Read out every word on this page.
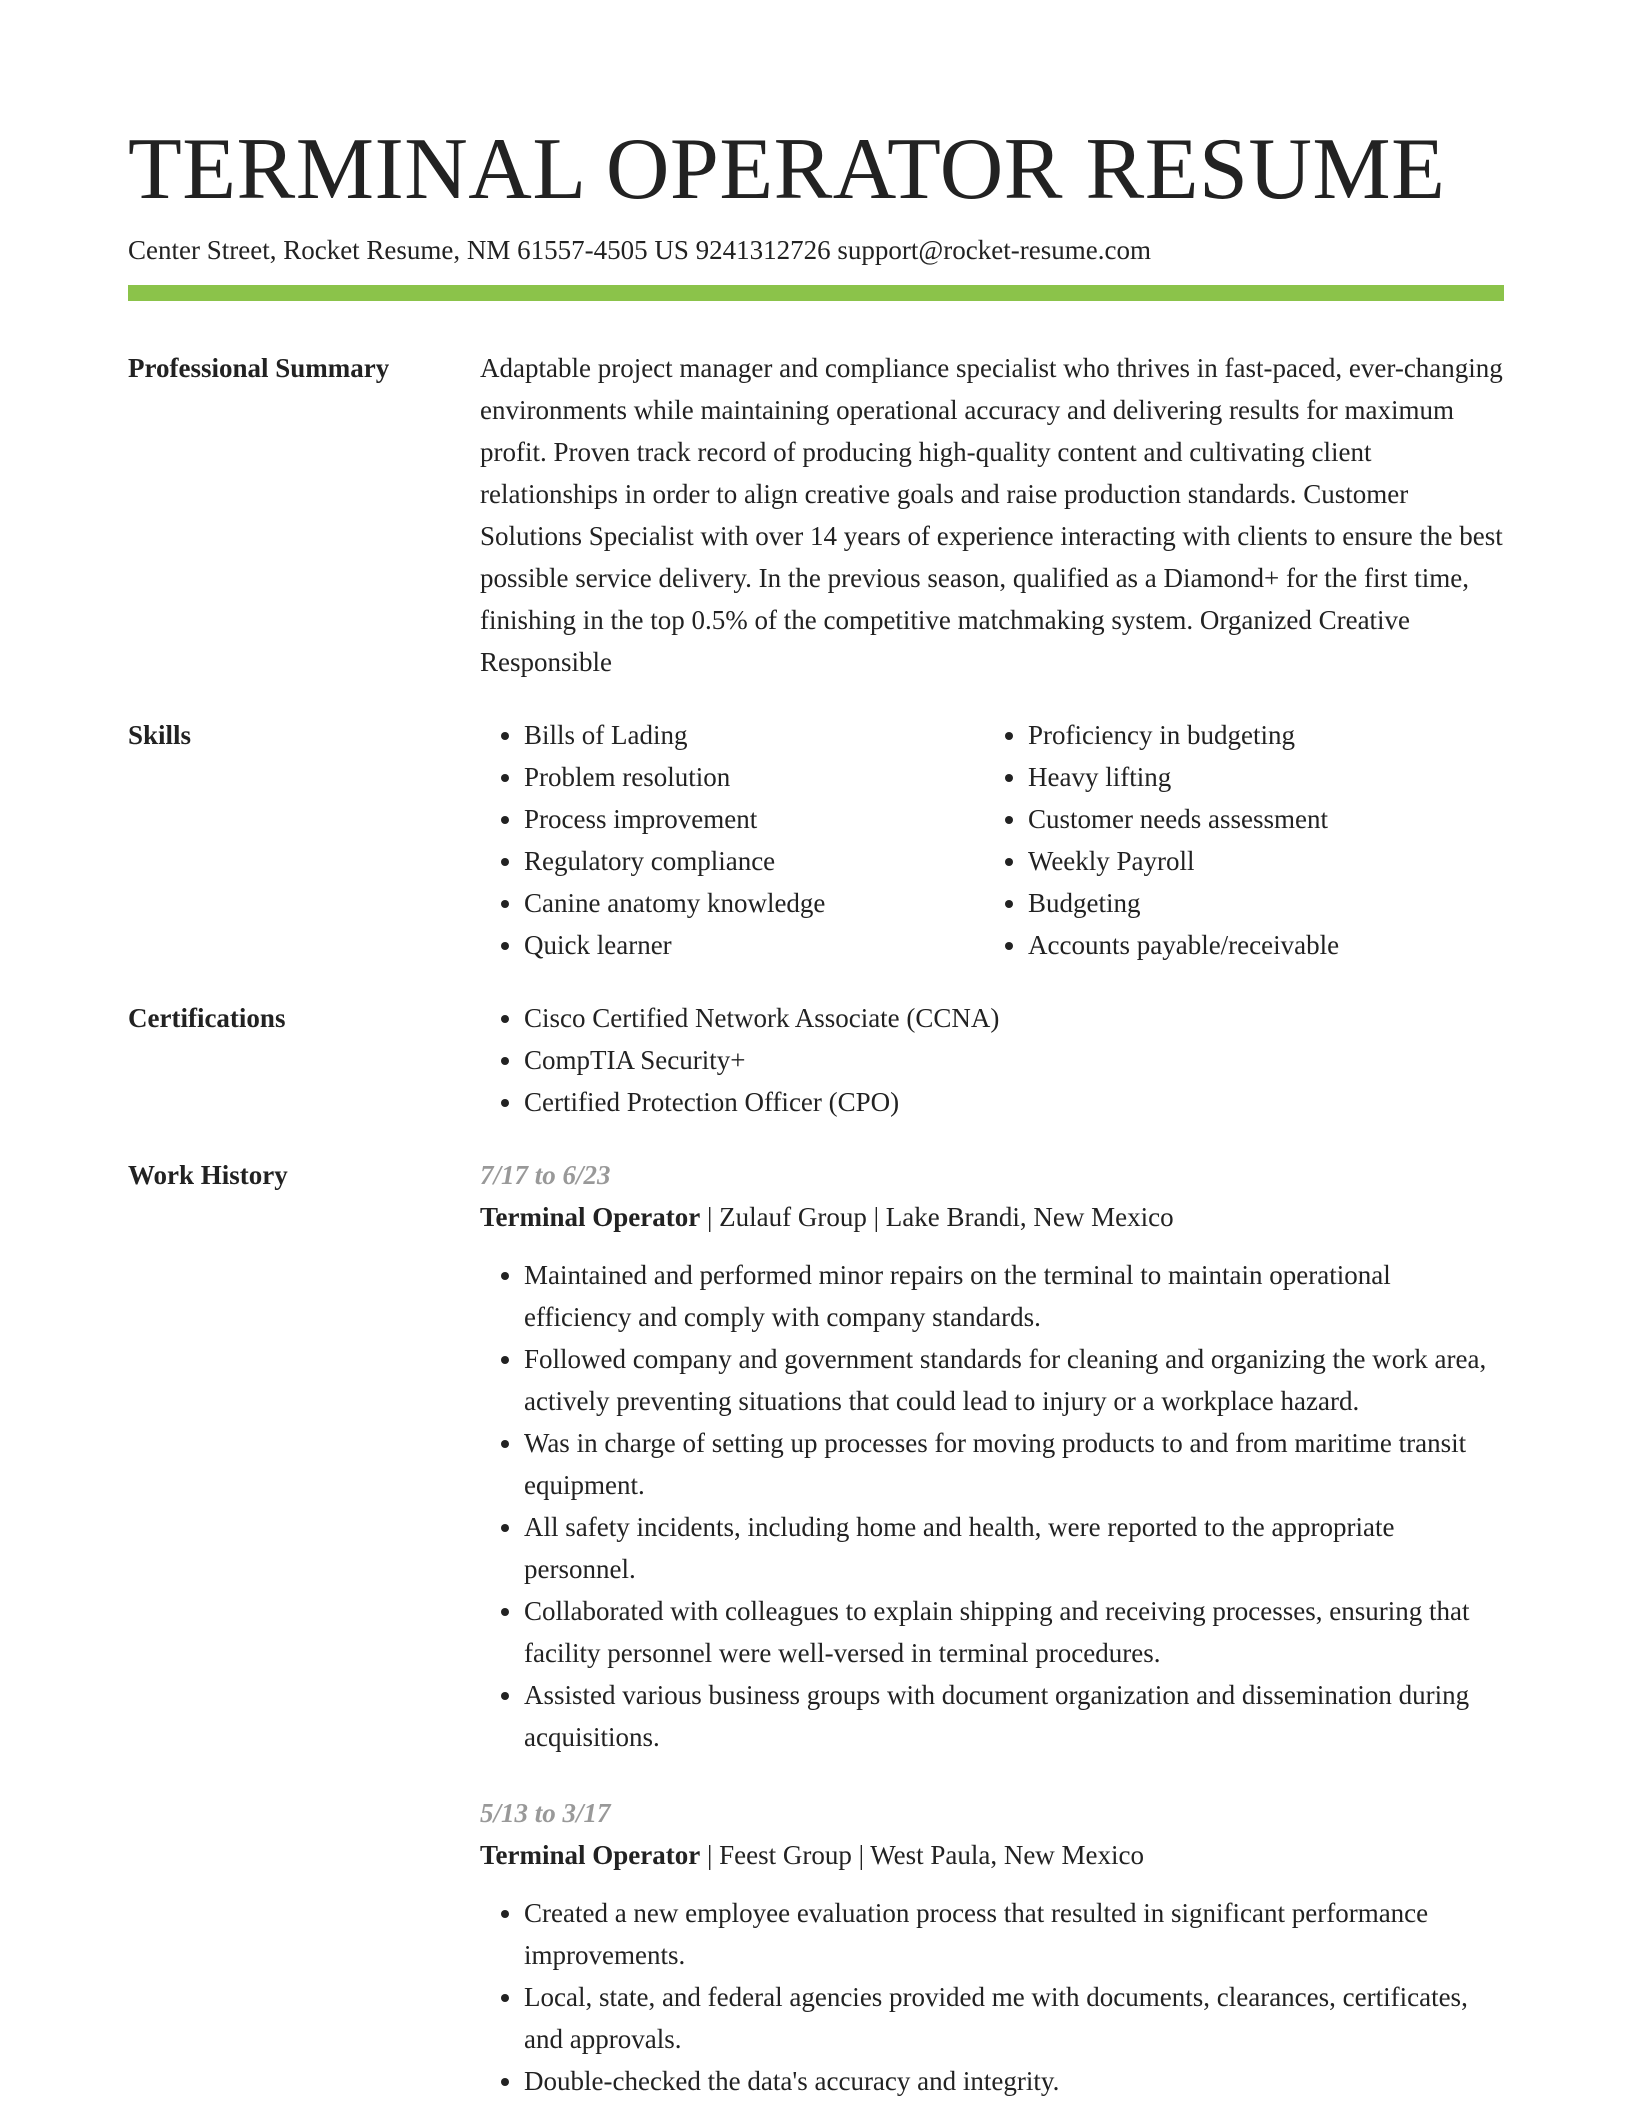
TERMINAL OPERATOR RESUME
Center Street, Rocket Resume, NM 61557-4505 US 9241312726 support@rocket-resume.com
Professional Summary	Adaptable project manager and compliance specialist who thrives in fast-paced, ever-changing environments while maintaining operational accuracy and delivering results for maximum profit. Proven track record of producing high-quality content and cultivating client relationships in order to align creative goals and raise production standards. Customer Solutions Specialist with over 14 years of experience interacting with clients to ensure the best possible service delivery. In the previous season, qualified as a Diamond+ for the first time, finishing in the top 0.5% of the competitive matchmaking system. Organized Creative Responsible

Skills	• Bills of Lading
• Problem resolution
• Process improvement
• Regulatory compliance
• Canine anatomy knowledge
• Quick learner
• Proficiency in budgeting
• Heavy lifting
• Customer needs assessment
• Weekly Payroll
• Budgeting
• Accounts payable/receivable
Certifications	• Cisco Certified Network Associate (CCNA)
• CompTIA Security+
• Certified Protection Officer (CPO)
Work History	7/17 to 6/23
Terminal Operator | Zulauf Group | Lake Brandi, New Mexico
• Maintained and performed minor repairs on the terminal to maintain operational efficiency and comply with company standards.
• Followed company and government standards for cleaning and organizing the work area, actively preventing situations that could lead to injury or a workplace hazard.
• Was in charge of setting up processes for moving products to and from maritime transit equipment.
• All safety incidents, including home and health, were reported to the appropriate personnel.
• Collaborated with colleagues to explain shipping and receiving processes, ensuring that facility personnel were well-versed in terminal procedures.
• Assisted various business groups with document organization and dissemination during acquisitions.
5/13 to 3/17
Terminal Operator | Feest Group | West Paula, New Mexico
• Created a new employee evaluation process that resulted in significant performance improvements.
• Local, state, and federal agencies provided me with documents, clearances, certificates, and approvals.
• Double-checked the data's accuracy and integrity.
